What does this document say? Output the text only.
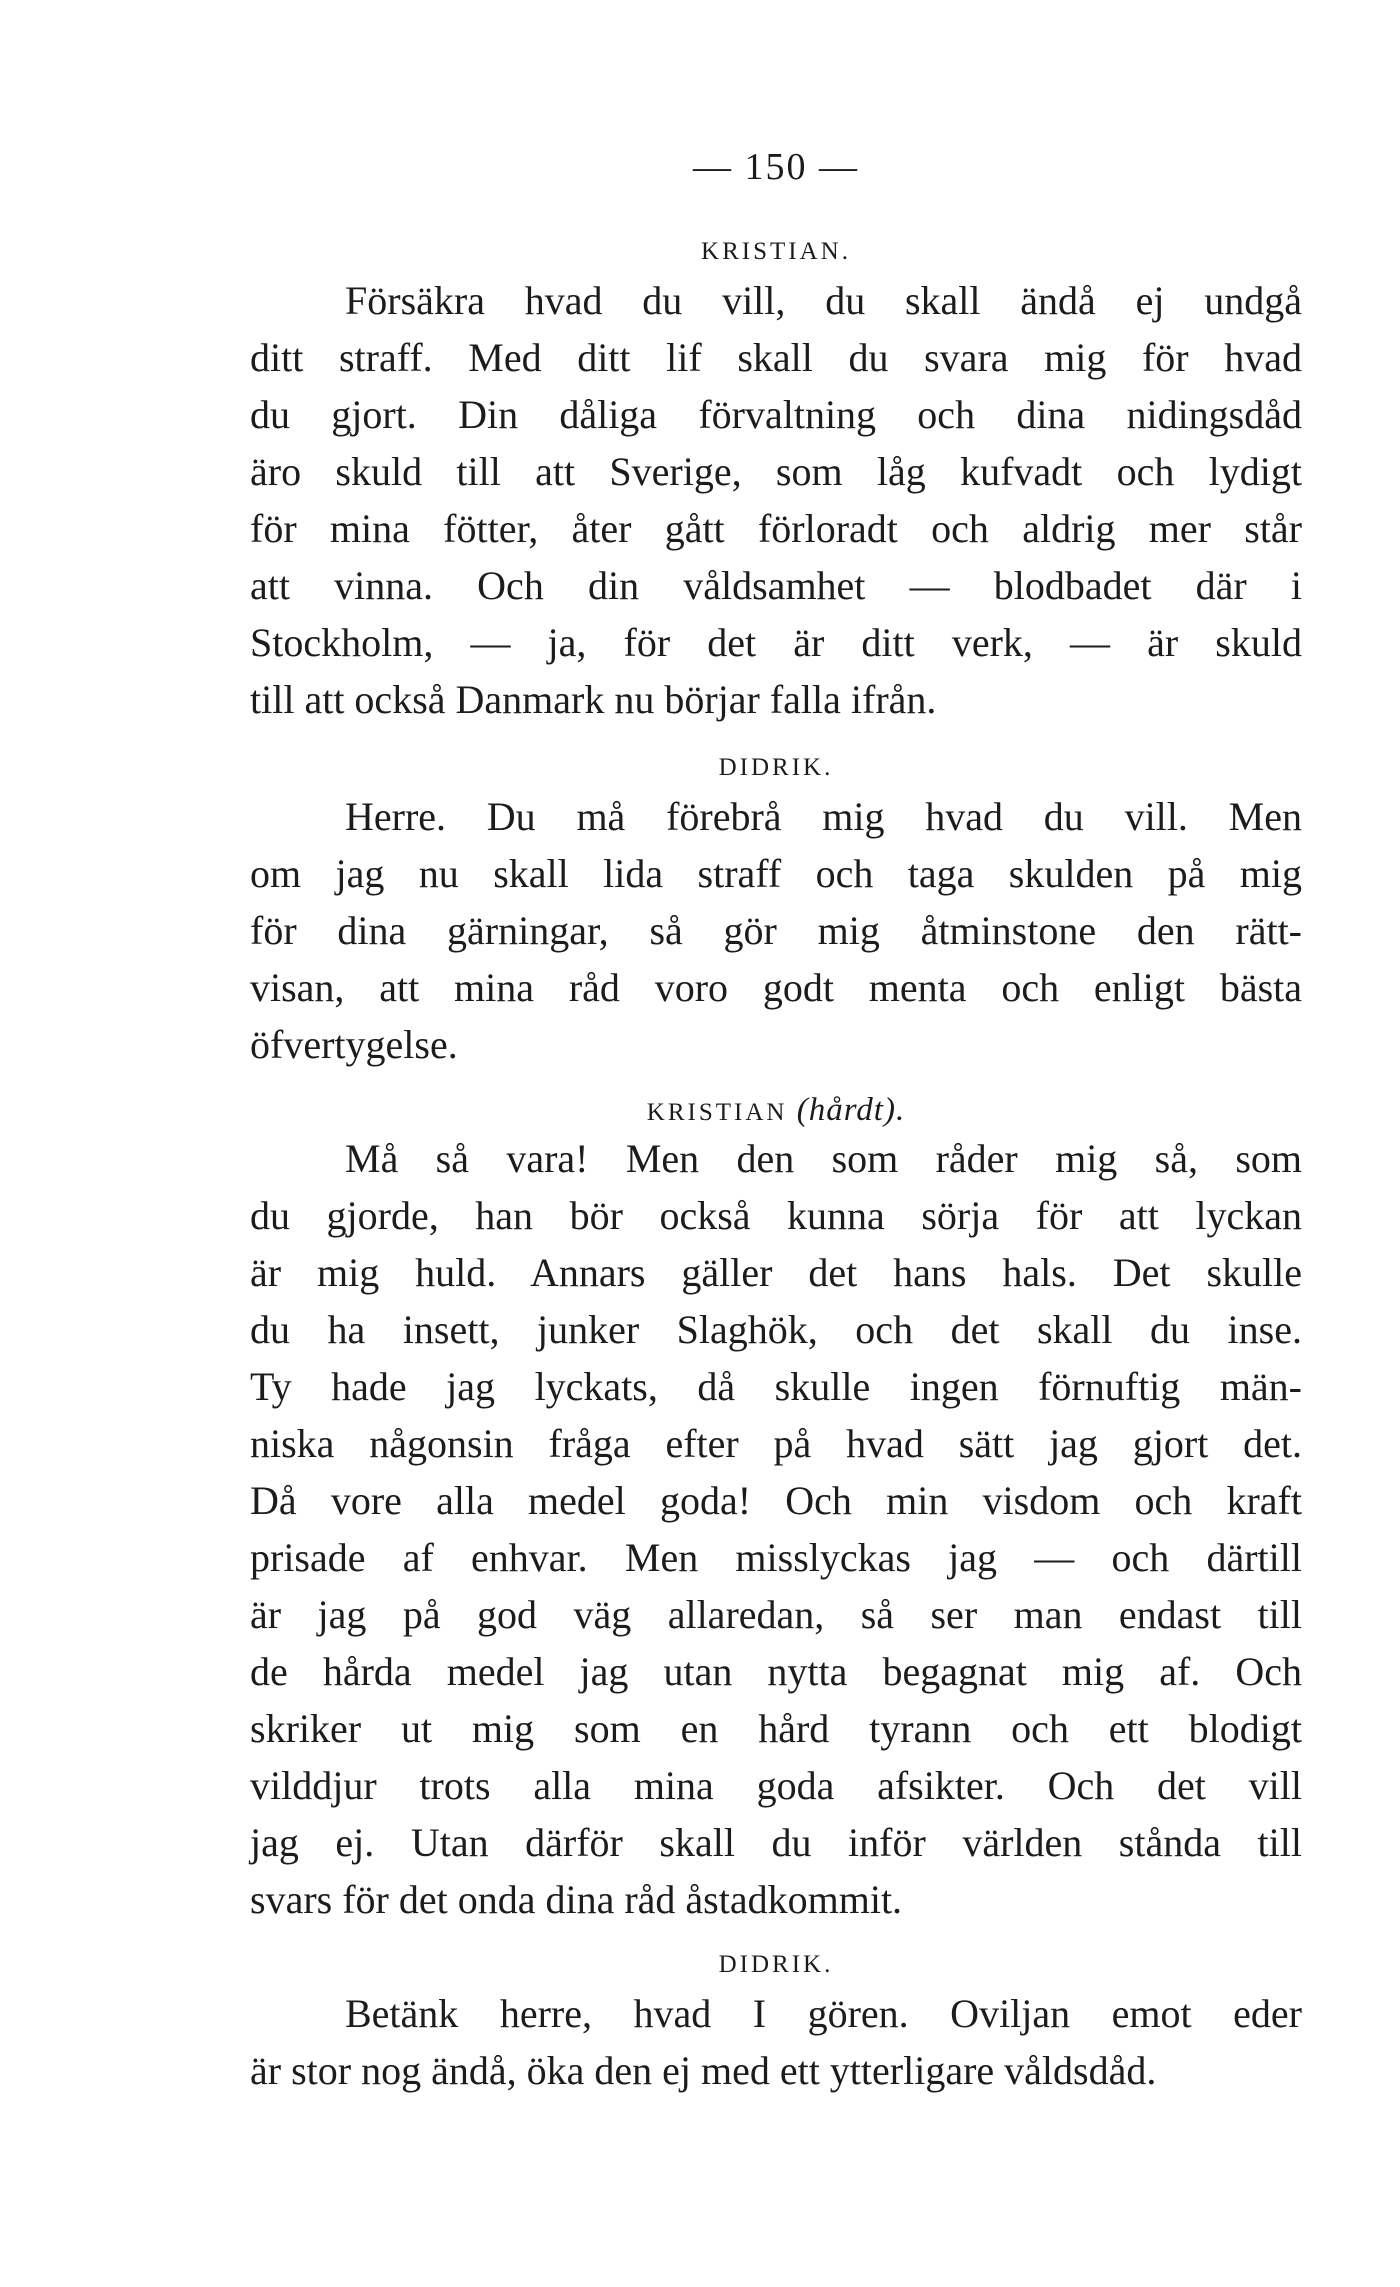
— 150 —
KRISTIAN.
Försäkra hvad du vill, du skall ändå ej undgå
ditt straff. Med ditt lif skall du svara mig för hvad
du gjort. Din dåliga förvaltning och dina nidingsdåd
äro skuld till att Sverige, som låg kufvadt och lydigt
för mina fötter, åter gått förloradt och aldrig mer står
att vinna. Och din våldsamhet — blodbadet där i
Stockholm, — ja, för det är ditt verk, — är skuld
till att också Danmark nu börjar falla ifrån.
DIDRIK.
Herre. Du må förebrå mig hvad du vill. Men
om jag nu skall lida straff och taga skulden på mig
för dina gärningar, så gör mig åtminstone den rätt-
visan, att mina råd voro godt menta och enligt bästa
öfvertygelse.
KRISTIAN (hårdt).
Må så vara! Men den som råder mig så, som
du gjorde, han bör också kunna sörja för att lyckan
är mig huld. Annars gäller det hans hals. Det skulle
du ha insett, junker Slaghök, och det skall du inse.
Ty hade jag lyckats, då skulle ingen förnuftig män-
niska någonsin fråga efter på hvad sätt jag gjort det.
Då vore alla medel goda! Och min visdom och kraft
prisade af enhvar. Men misslyckas jag — och därtill
är jag på god väg allaredan, så ser man endast till
de hårda medel jag utan nytta begagnat mig af. Och
skriker ut mig som en hård tyrann och ett blodigt
vilddjur trots alla mina goda afsikter. Och det vill
jag ej. Utan därför skall du inför världen stånda till
svars för det onda dina råd åstadkommit.
DIDRIK.
Betänk herre, hvad I gören. Oviljan emot eder
är stor nog ändå, öka den ej med ett ytterligare våldsdåd.
